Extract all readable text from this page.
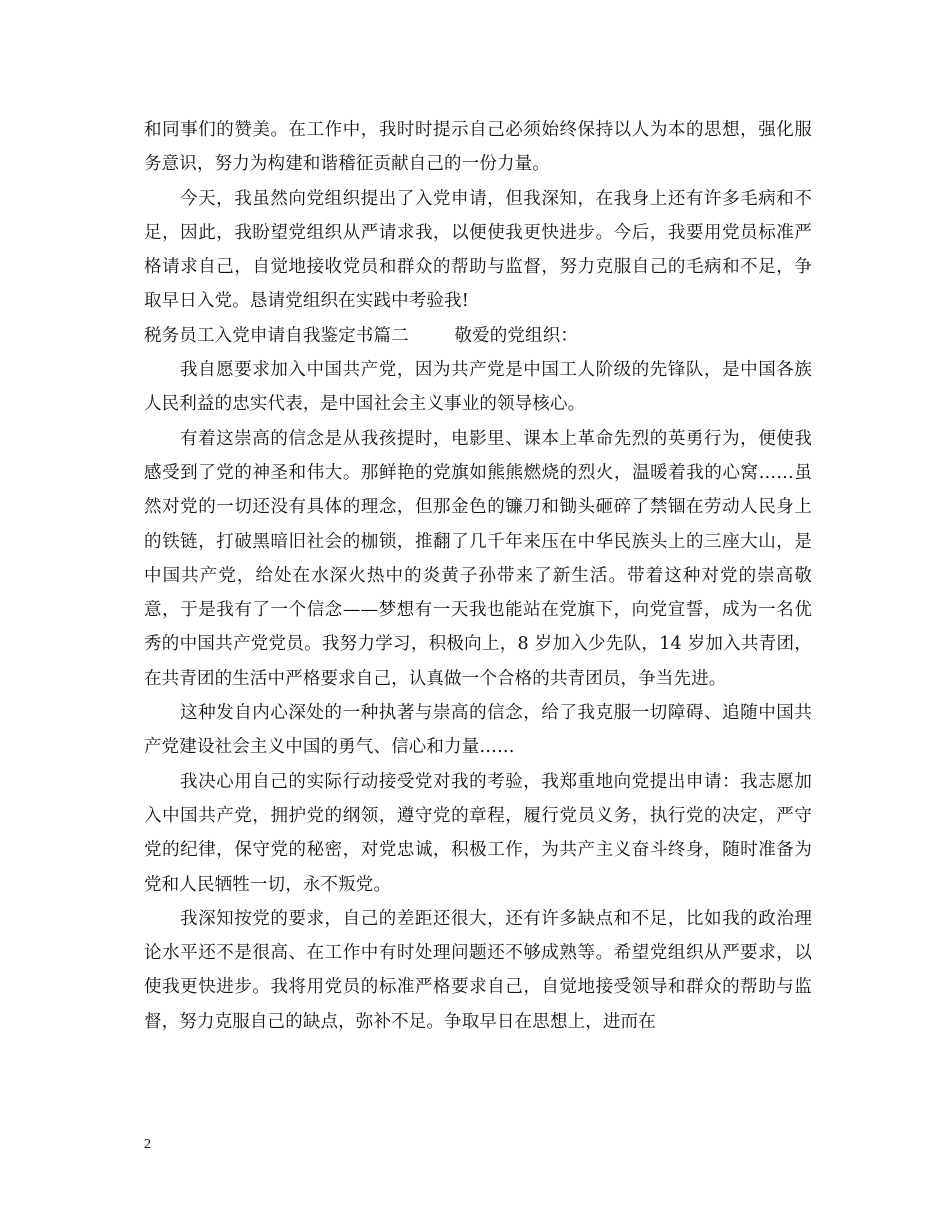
和同事们的赞美。在工作中，我时时提示自己必须始终保持以人为本的思想，强化服务意识，努力为构建和谐稽征贡献自己的一份力量。

今天，我虽然向党组织提出了入党申请，但我深知，在我身上还有许多毛病和不足，因此，我盼望党组织从严请求我，以便使我更快进步。今后，我要用党员标准严格请求自己，自觉地接收党员和群众的帮助与监督，努力克服自己的毛病和不足，争取早日入党。恳请党组织在实践中考验我!

税务员工入党申请自我鉴定书篇二	敬爱的党组织：

我自愿要求加入中国共产党，因为共产党是中国工人阶级的先锋队，是中国各族人民利益的忠实代表，是中国社会主义事业的领导核心。

有着这崇高的信念是从我孩提时，电影里、课本上革命先烈的英勇行为，便使我感受到了党的神圣和伟大。那鲜艳的党旗如熊熊燃烧的烈火，温暖着我的心窝……虽然对党的一切还没有具体的理念，但那金色的镰刀和锄头砸碎了禁锢在劳动人民身上的铁链，打破黑暗旧社会的枷锁，推翻了几千年来压在中华民族头上的三座大山，是中国共产党，给处在水深火热中的炎黄子孙带来了新生活。带着这种对党的崇高敬意，于是我有了一个信念——梦想有一天我也能站在党旗下，向党宣誓，成为一名优秀的中国共产党党员。我努力学习，积极向上，8 岁加入少先队，14 岁加入共青团，在共青团的生活中严格要求自己，认真做一个合格的共青团员，争当先进。

这种发自内心深处的一种执著与崇高的信念，给了我克服一切障碍、追随中国共产党建设社会主义中国的勇气、信心和力量……

我决心用自己的实际行动接受党对我的考验，我郑重地向党提出申请：我志愿加入中国共产党，拥护党的纲领，遵守党的章程，履行党员义务，执行党的决定，严守党的纪律，保守党的秘密，对党忠诚，积极工作，为共产主义奋斗终身，随时准备为党和人民牺牲一切，永不叛党。

我深知按党的要求，自己的差距还很大，还有许多缺点和不足，比如我的政治理论水平还不是很高、在工作中有时处理问题还不够成熟等。希望党组织从严要求，以使我更快进步。我将用党员的标准严格要求自己，自觉地接受领导和群众的帮助与监督，努力克服自己的缺点，弥补不足。争取早日在思想上，进而在

2
